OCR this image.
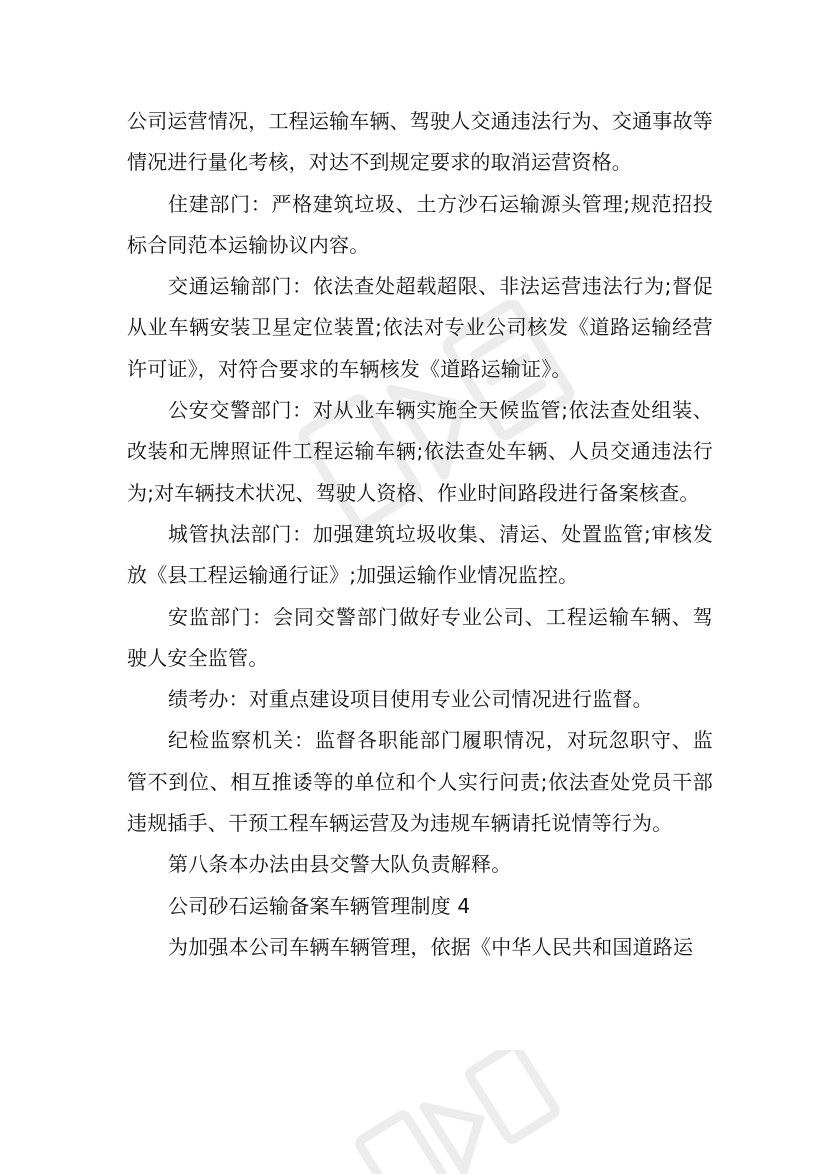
公司运营情况，工程运输车辆、驾驶人交通违法行为、交通事故等情况进行量化考核，对达不到规定要求的取消运营资格。

住建部门：严格建筑垃圾、土方沙石运输源头管理;规范招投标合同范本运输协议内容。

交通运输部门：依法查处超载超限、非法运营违法行为;督促从业车辆安装卫星定位装置;依法对专业公司核发《道路运输经营许可证》，对符合要求的车辆核发《道路运输证》。

公安交警部门：对从业车辆实施全天候监管;依法查处组装、改装和无牌照证件工程运输车辆;依法查处车辆、人员交通违法行为;对车辆技术状况、驾驶人资格、作业时间路段进行备案核查。

城管执法部门：加强建筑垃圾收集、清运、处置监管;审核发放《县工程运输通行证》;加强运输作业情况监控。

安监部门：会同交警部门做好专业公司、工程运输车辆、驾驶人安全监管。

绩考办：对重点建设项目使用专业公司情况进行监督。

纪检监察机关：监督各职能部门履职情况，对玩忽职守、监管不到位、相互推诿等的单位和个人实行问责;依法查处党员干部违规插手、干预工程车辆运营及为违规车辆请托说情等行为。

第八条本办法由县交警大队负责解释。

公司砂石运输备案车辆管理制度 4

为加强本公司车辆车辆管理，依据《中华人民共和国道路运
